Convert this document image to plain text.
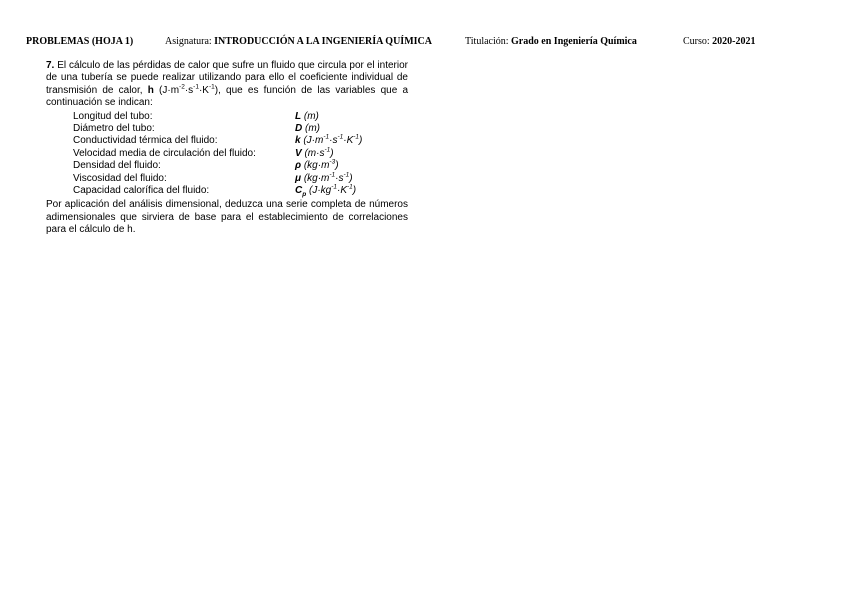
PROBLEMAS (HOJA 1)	Asignatura: INTRODUCCIÓN A LA INGENIERÍA QUÍMICA	Titulación: Grado en Ingeniería Química	Curso: 2020-2021

7. El cálculo de las pérdidas de calor que sufre un fluido que circula por el interior de una tubería se puede realizar utilizando para ello el coeficiente individual de transmisión de calor, h $(J\cdot m^{-2}\cdot s^{-1}\cdot K^{-1})$, que es función de las variables que a continuación se indican:

Longitud del tubo:	L (m)
Diámetro del tubo:	D (m)
Conductividad térmica del fluido:	k $(J\cdot m^{-1}\cdot s^{-1}\cdot K^{-1})$
Velocidad media de circulación del fluido:	V $(m\cdot s^{-1})$
Densidad del fluido:	ρ $(kg\cdot m^{-3})$
Viscosidad del fluido:	μ $(kg\cdot m^{-1}\cdot s^{-1})$
Capacidad calorífica del fluido:	$C_p$ $(J\cdot kg^{-1}\cdot K^{-1})$

Por aplicación del análisis dimensional, deduzca una serie completa de números adimensionales que sirviera de base para el establecimiento de correlaciones para el cálculo de h.
